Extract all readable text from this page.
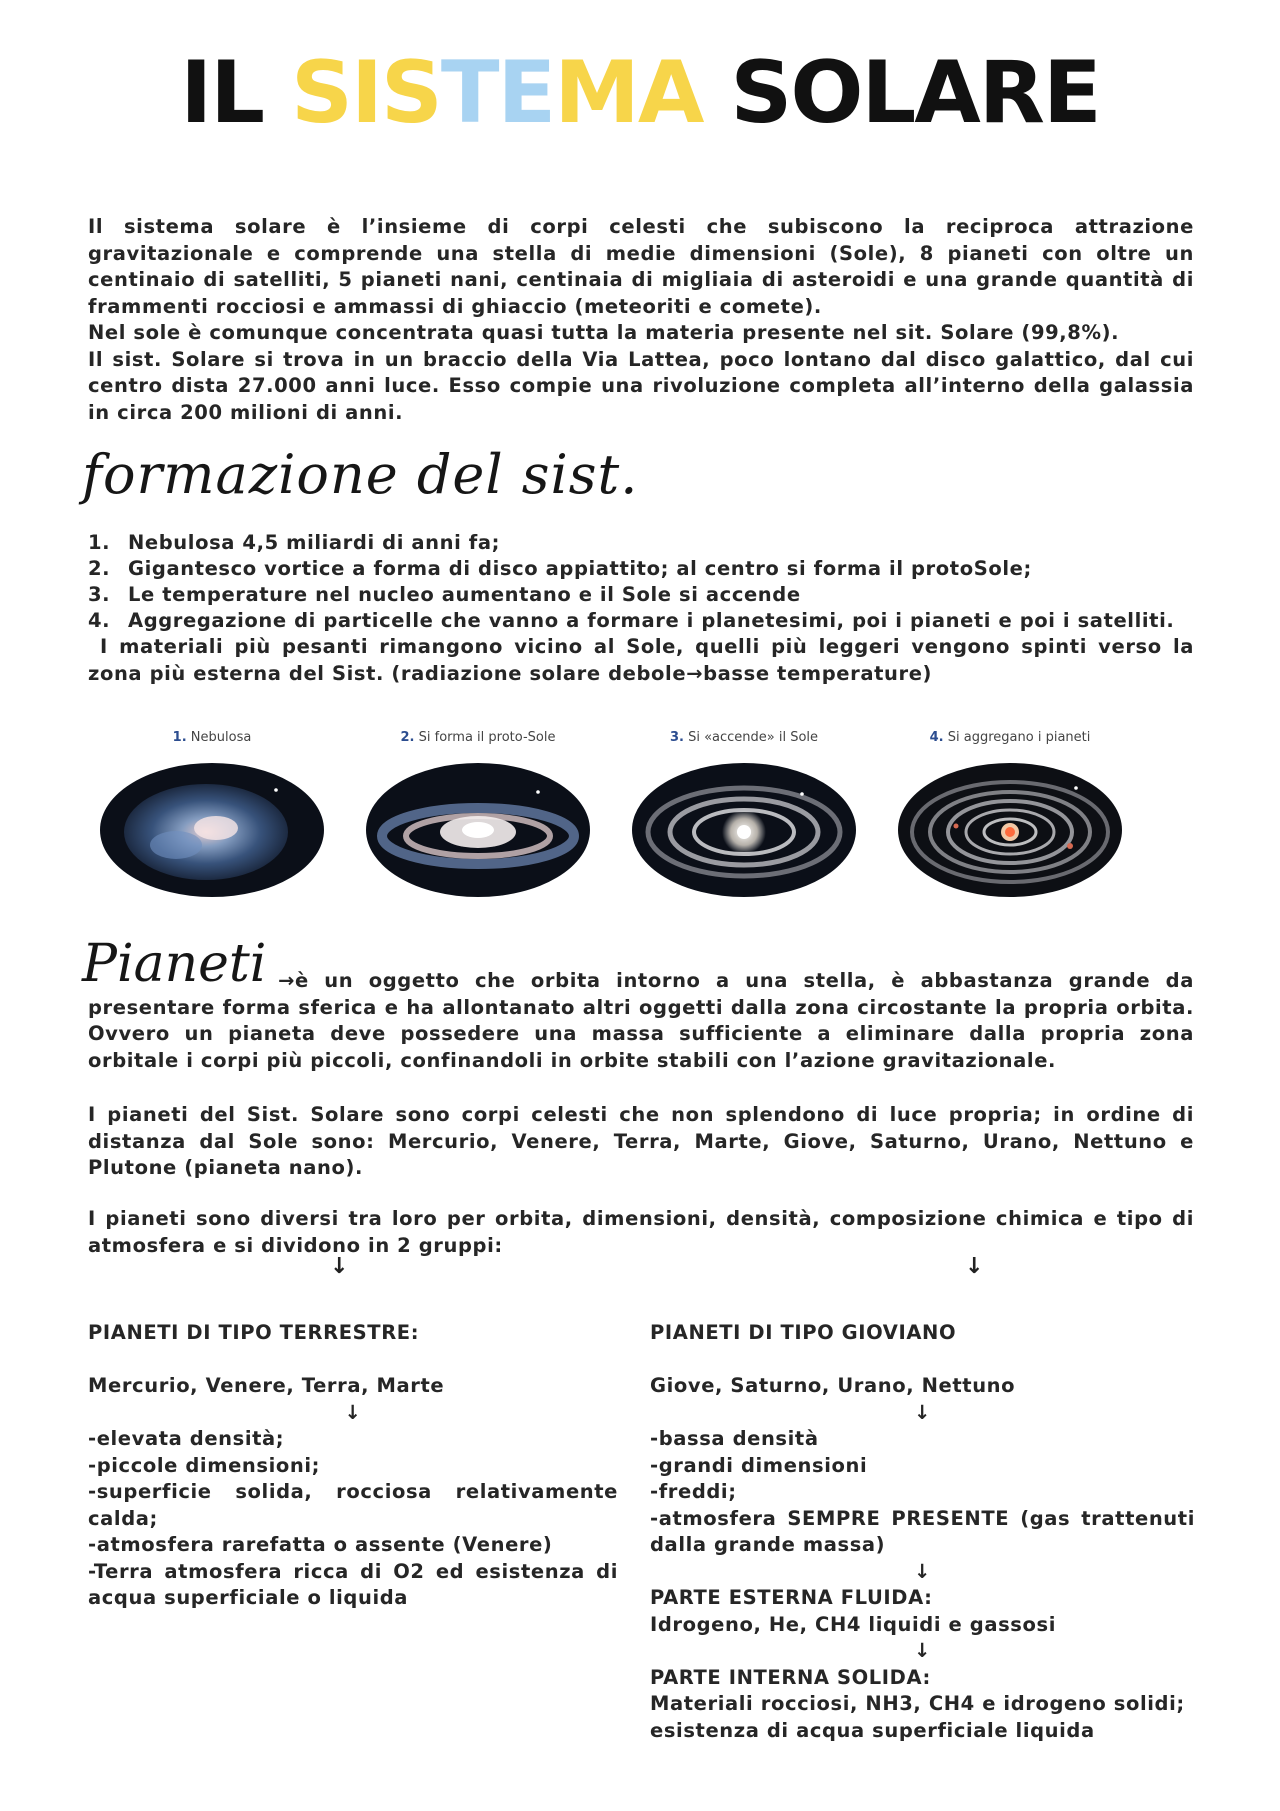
IL SISTEMA SOLARE

Il sistema solare è l’insieme di corpi celesti che subiscono la reciproca attrazione gravitazionale e comprende una stella di medie dimensioni (Sole), 8 pianeti con oltre un centinaio di satelliti, 5 pianeti nani, centinaia di migliaia di asteroidi e una grande quantità di frammenti rocciosi e ammassi di ghiaccio (meteoriti e comete).

Nel sole è comunque concentrata quasi tutta la materia presente nel sit. Solare (99,8%).

Il sist. Solare si trova in un braccio della Via Lattea, poco lontano dal disco galattico, dal cui centro dista 27.000 anni luce. Esso compie una rivoluzione completa all’interno della galassia in circa 200 milioni di anni.

formazione del sist.
1. Nebulosa 4,5 miliardi di anni fa;
2. Gigantesco vortice a forma di disco appiattito; al centro si forma il protoSole;
3. Le temperature nel nucleo aumentano e il Sole si accende
4. Aggregazione di particelle che vanno a formare i planetesimi, poi i pianeti e poi i satelliti.
I materiali più pesanti rimangono vicino al Sole, quelli più leggeri vengono spinti verso la zona più esterna del Sist. (radiazione solare debole→basse temperature)
1. Nebulosa	2. Si forma il proto-Sole	3. Si «accende» il Sole	4. Si aggregano i pianeti
Pianeti →è un oggetto che orbita intorno a una stella, è abbastanza grande da presentare forma sferica e ha allontanato altri oggetti dalla zona circostante la propria orbita. Ovvero un pianeta deve possedere una massa sufficiente a eliminare dalla propria zona orbitale i corpi più piccoli, confinandoli in orbite stabili con l’azione gravitazionale.

I pianeti del Sist. Solare sono corpi celesti che non splendono di luce propria; in ordine di distanza dal Sole sono: Mercurio, Venere, Terra, Marte, Giove, Saturno, Urano, Nettuno e Plutone (pianeta nano).
I pianeti sono diversi tra loro per orbita, dimensioni, densità, composizione chimica e tipo di atmosfera e si dividono in 2 gruppi:
↓	↓
PIANETI DI TIPO TERRESTRE:
Mercurio, Venere, Terra, Marte
↓
-elevata densità;
-piccole dimensioni;
-superficie solida, rocciosa relativamente
calda;
-atmosfera rarefatta o assente (Venere)
-Terra atmosfera ricca di O2 ed esistenza di
acqua superficiale o liquida
PIANETI DI TIPO GIOVIANO
Giove, Saturno, Urano, Nettuno
↓
-bassa densità
-grandi dimensioni
-freddi;
-atmosfera SEMPRE PRESENTE (gas trattenuti
dalla grande massa)
↓
PARTE ESTERNA FLUIDA:
Idrogeno, He, CH4 liquidi e gassosi
↓
PARTE INTERNA SOLIDA:
Materiali rocciosi, NH3, CH4 e idrogeno solidi;
esistenza di acqua superficiale liquida
